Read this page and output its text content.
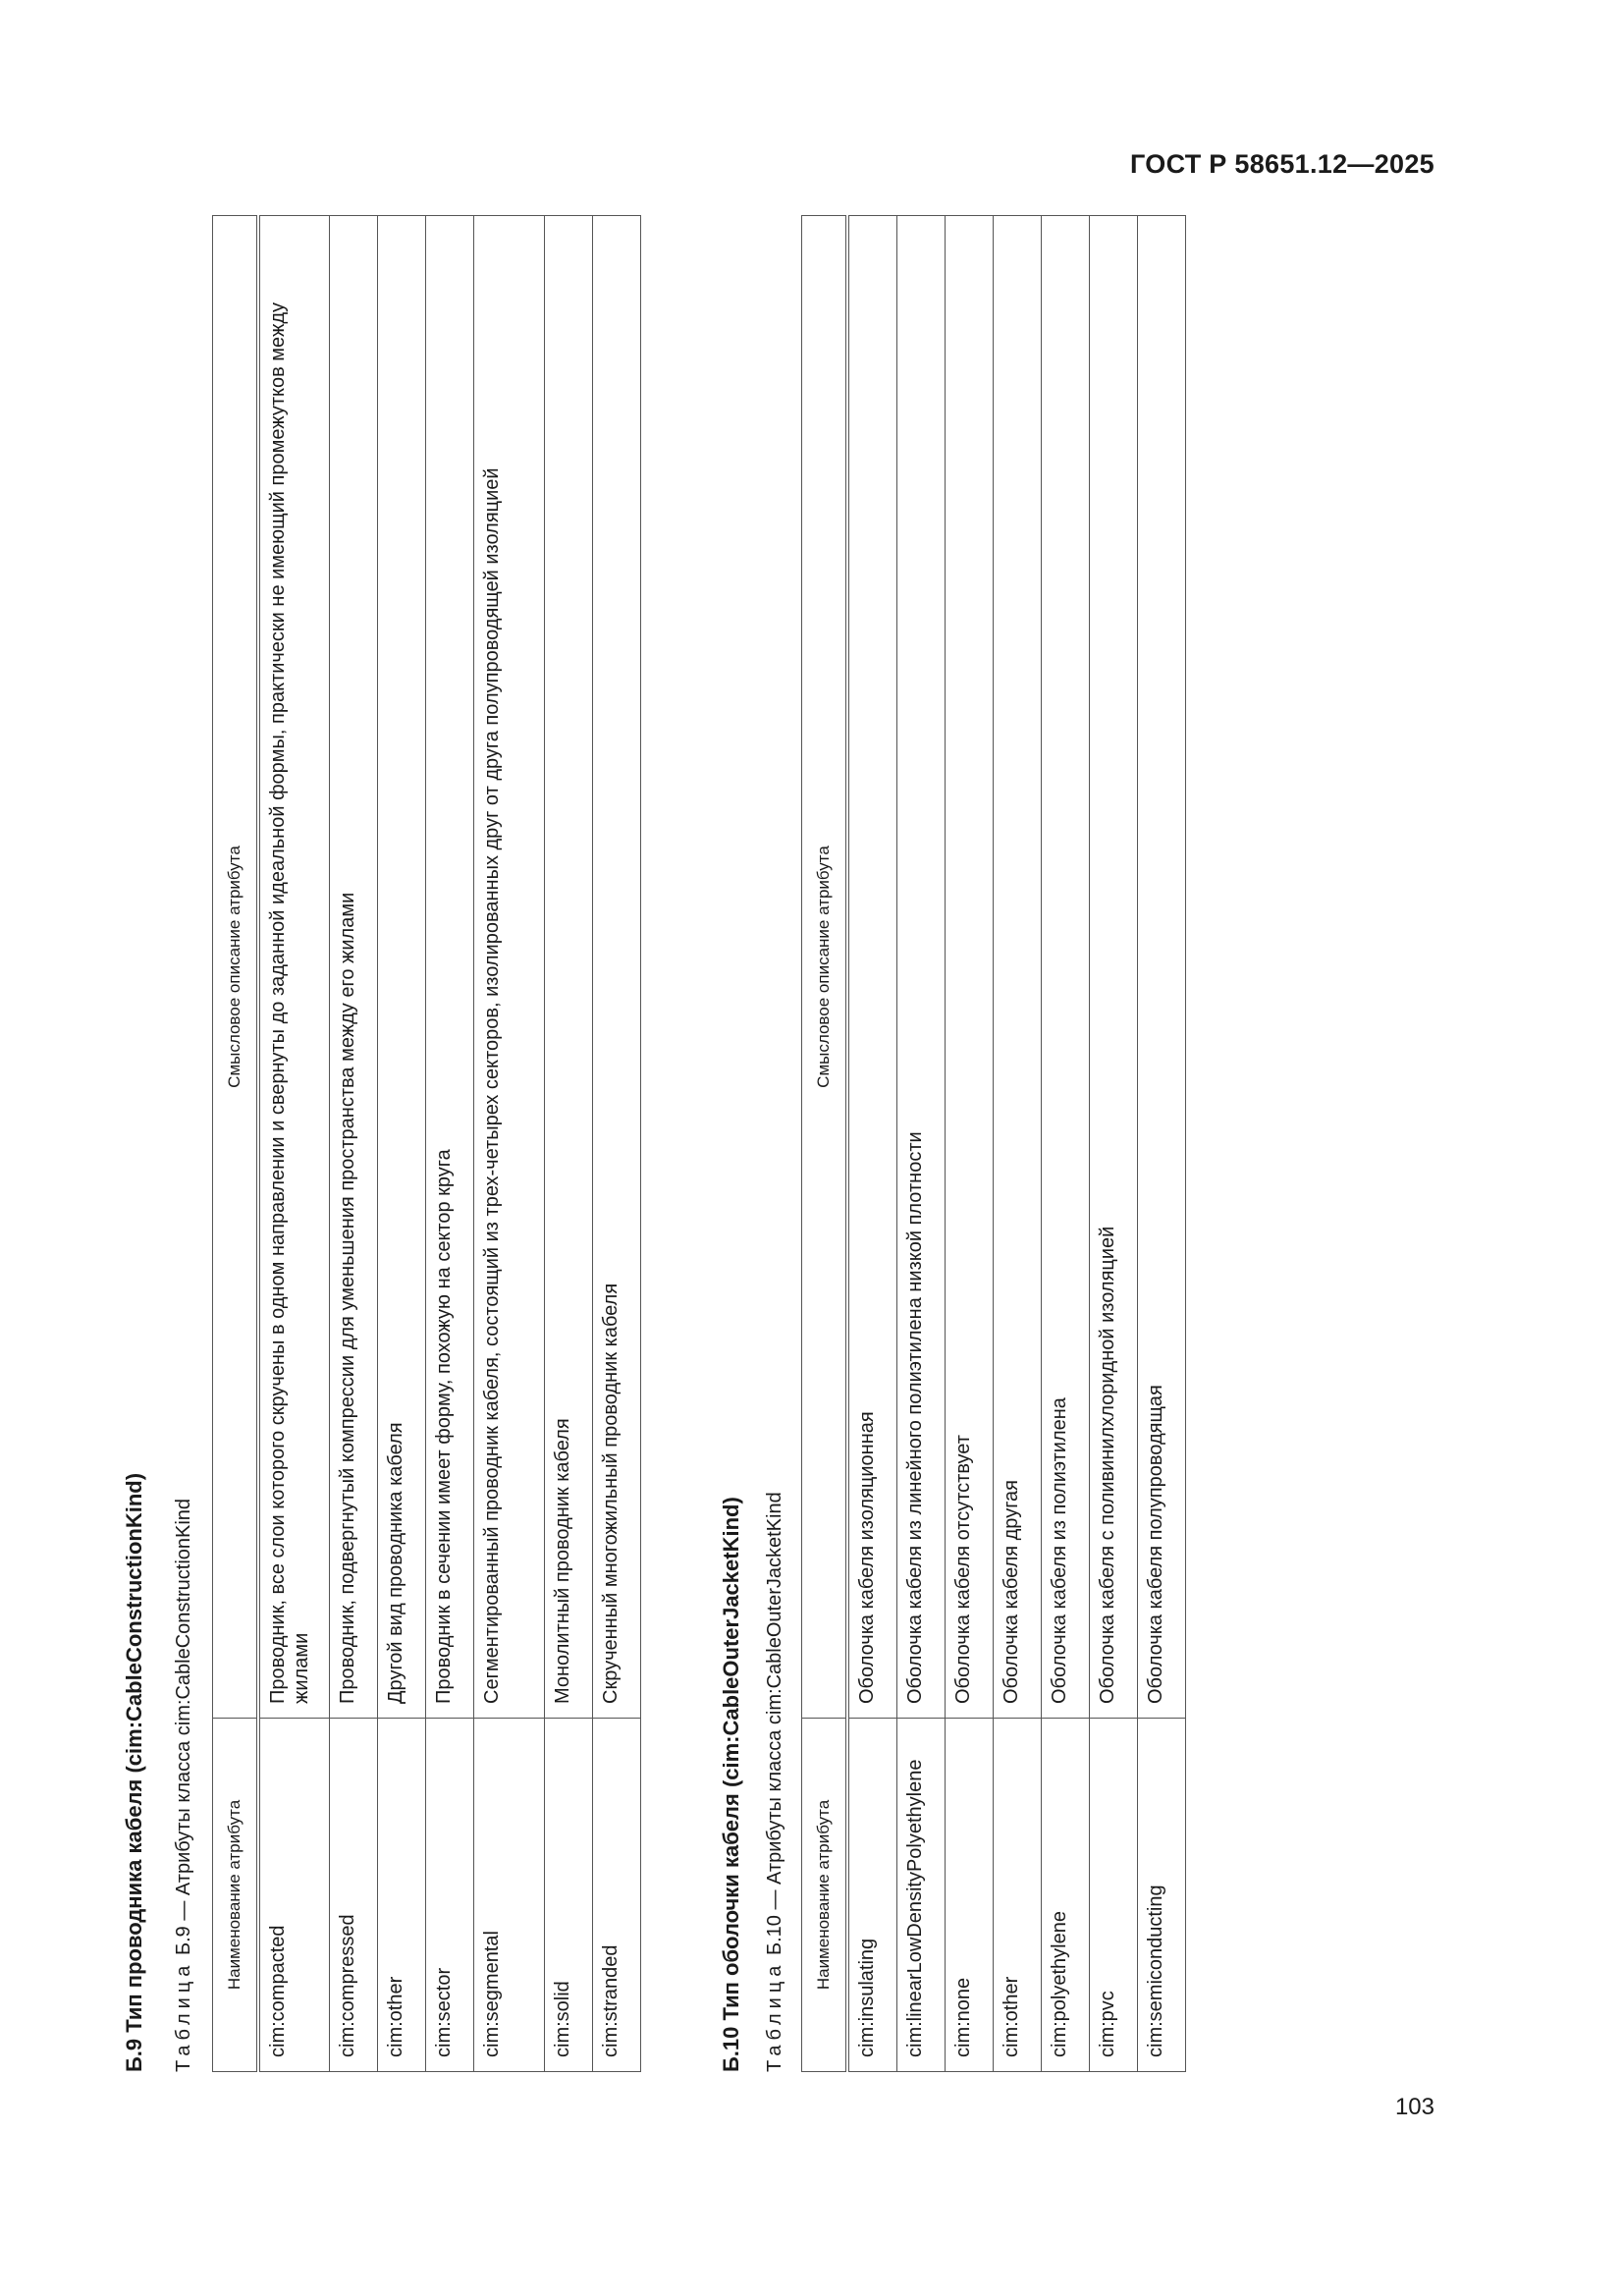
ГОСТ Р 58651.12—2025
Б.9 Тип проводника кабеля (cim:CableConstructionKind) Таблица Б.9 — Атрибуты класса cim:CableConstructionKind Наименование атрибута	Смысловое описание атрибута
cim:compacted	Проводник, все слои которого скручены в одном направлении и свернуты до заданной идеальной формы, практически не имеющий промежутков между жилами
cim:compressed	Проводник, подвергнутый компрессии для уменьшения пространства между его жилами
cim:other	Другой вид проводника кабеля
cim:sector	Проводник в сечении имеет форму, похожую на сектор круга
cim:segmental	Сегментированный проводник кабеля, состоящий из трех-четырех секторов, изолированных друг от друга полупроводящей изоляцией
cim:solid	Монолитный проводник кабеля
cim:stranded	Скрученный многожильный проводник кабеля
Б.10 Тип оболочки кабеля (cim:CableOuterJacketKind) Таблица Б.10 — Атрибуты класса cim:CableOuterJacketKind Наименование атрибута	Смысловое описание атрибута
cim:insulating	Оболочка кабеля изоляционная
cim:linearLowDensityPolyethylene	Оболочка кабеля из линейного полиэтилена низкой плотности
cim:none	Оболочка кабеля отсутствует
cim:other	Оболочка кабеля другая
cim:polyethylene	Оболочка кабеля из полиэтилена
cim:pvc	Оболочка кабеля с поливинилхлоридной изоляцией
cim:semiconducting	Оболочка кабеля полупроводящая
103
